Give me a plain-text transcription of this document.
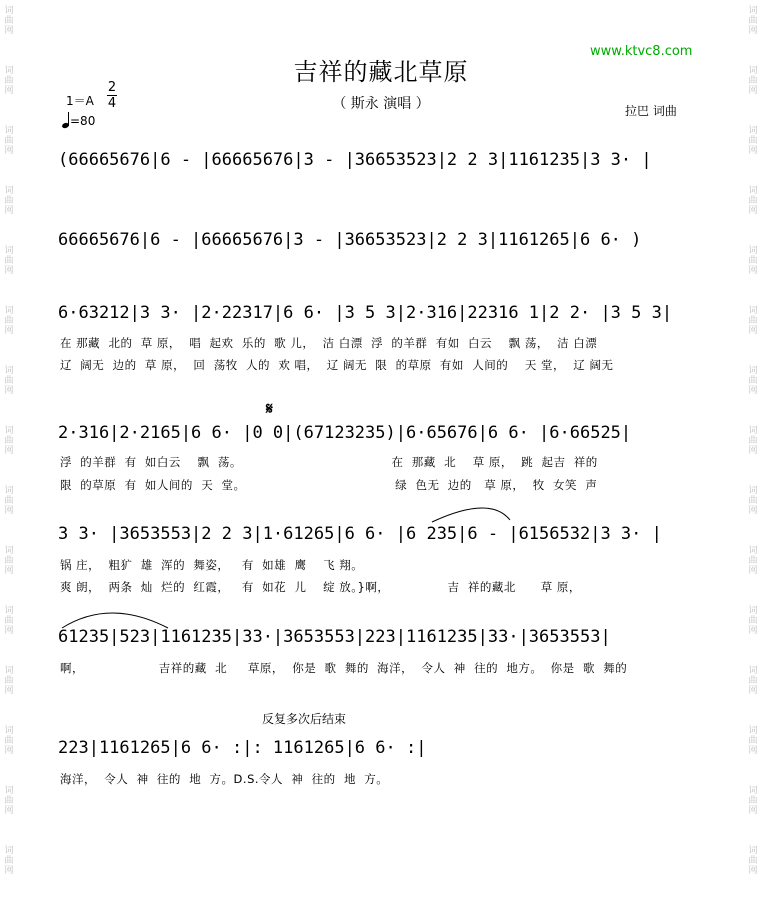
词
曲
网
词
曲
网
词
曲
网
词
曲
网
词
曲
网
词
曲
网
词
曲
网
词
曲
网
词
曲
网
词
曲
网
词
曲
网
词
曲
网
词
曲
网
词
曲
网
词
曲
网
词
曲
网
词
曲
网
词
曲
网
词
曲
网
词
曲
网
词
曲
网
词
曲
网
词
曲
网
词
曲
网
词
曲
网
词
曲
网
词
曲
网
词
曲
网
词
曲
网
词
曲
网
www.ktvc8.com
吉祥的藏北草原
（ 斯永 演唱 ）	拉巴 词曲
1＝A
2
4
=80
𝄋
反复多次后结束
(66665676|6 - |66665676|3 - |36653523|2 2 3|1161235|3 3· |
66665676|6 - |66665676|3 - |36653523|2 2 3|1161265|6 6· )
6·63212|3 3· |2·22317|6 6· |3 5 3|2·316|22316 1|2 2· |3 5 3|
在 那藏  北的  草 原，  唱  起欢  乐的  歌 儿，  洁 白漂  浮  的羊群  有如  白云    飘 荡，  洁 白漂
辽  阔无  边的  草 原，  回  荡牧  人的  欢 唱，  辽 阔无  限  的草原  有如  人间的    天 堂，  辽 阔无
2·316|2·2165|6 6· |0 0|(67123235)|6·65676|6 6· |6·66525|
浮  的羊群  有  如白云    飘  荡。                                    在  那藏  北    草 原，  跳  起吉  祥的
限  的草原  有  如人间的  天  堂。                                    绿  色无  边的   草 原，  牧  女笑  声
3 3· |3653553|2 2 3|1·61265|6 6· |6 235|6 - |6156532|3 3· |
锅 庄，  粗犷  雄  浑的  舞姿，   有  如雄  鹰    飞 翔。
爽 朗，  两条  灿  烂的  红霞，   有  如花  儿    绽 放。}啊，              吉  祥的藏北      草 原，
61235|523|1161235|33·|3653553|223|1161235|33·|3653553|
啊，                  吉祥的藏  北     草原，  你是  歌  舞的  海洋，  令人  神  往的  地方。  你是  歌  舞的
223|1161265|6 6· :|: 1161265|6 6· :|
海洋，  令人  神  往的  地  方。D.S.令人  神  往的  地  方。
